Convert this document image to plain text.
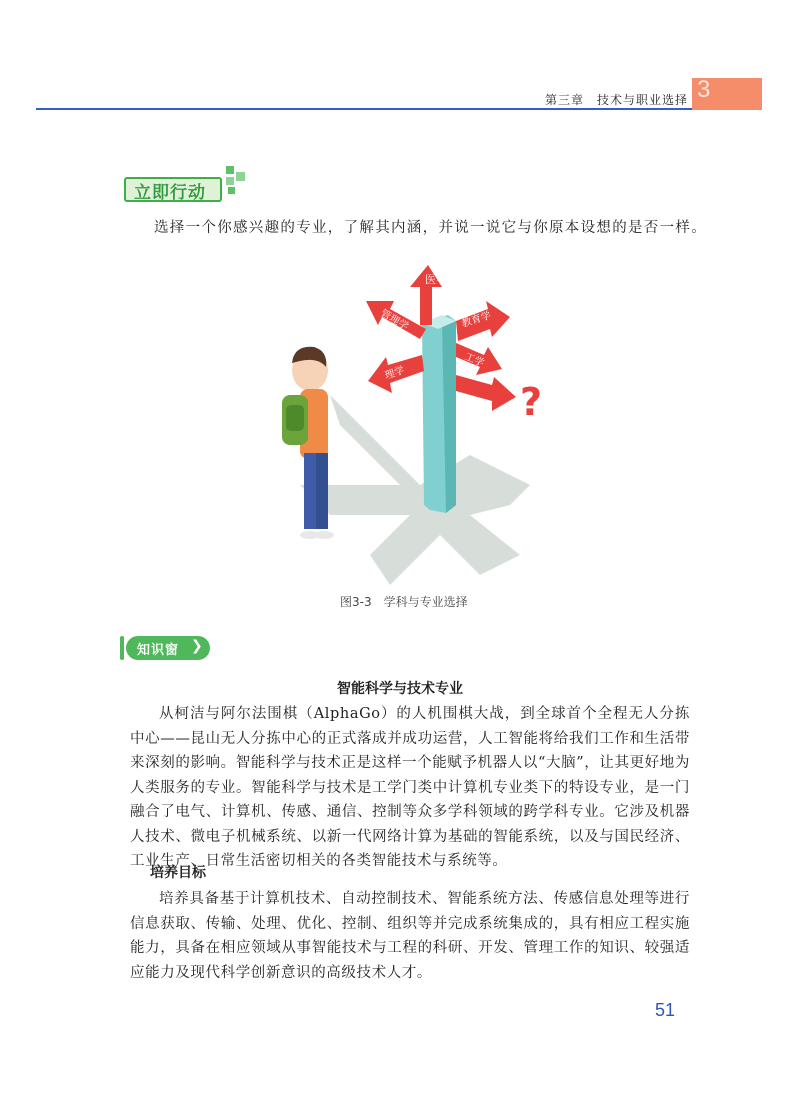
第三章　技术与职业选择 3
立即行动
选择一个你感兴趣的专业，了解其内涵，并说一说它与你原本设想的是否一样。
医学
管理学	教育学
工学
理学
?
图3-3　学科与专业选择
知识窗 ❯
智能科学与技术专业

从柯洁与阿尔法围棋（AlphaGo）的人机围棋大战，到全球首个全程无人分拣中心——昆山无人分拣中心的正式落成并成功运营，人工智能将给我们工作和生活带来深刻的影响。智能科学与技术正是这样一个能赋予机器人以“大脑”，让其更好地为人类服务的专业。智能科学与技术是工学门类中计算机专业类下的特设专业，是一门融合了电气、计算机、传感、通信、控制等众多学科领域的跨学科专业。它涉及机器人技术、微电子机械系统、以新一代网络计算为基础的智能系统，以及与国民经济、工业生产、日常生活密切相关的各类智能技术与系统等。

培养目标

培养具备基于计算机技术、自动控制技术、智能系统方法、传感信息处理等进行信息获取、传输、处理、优化、控制、组织等并完成系统集成的，具有相应工程实施能力，具备在相应领域从事智能技术与工程的科研、开发、管理工作的知识、较强适应能力及现代科学创新意识的高级技术人才。

51
